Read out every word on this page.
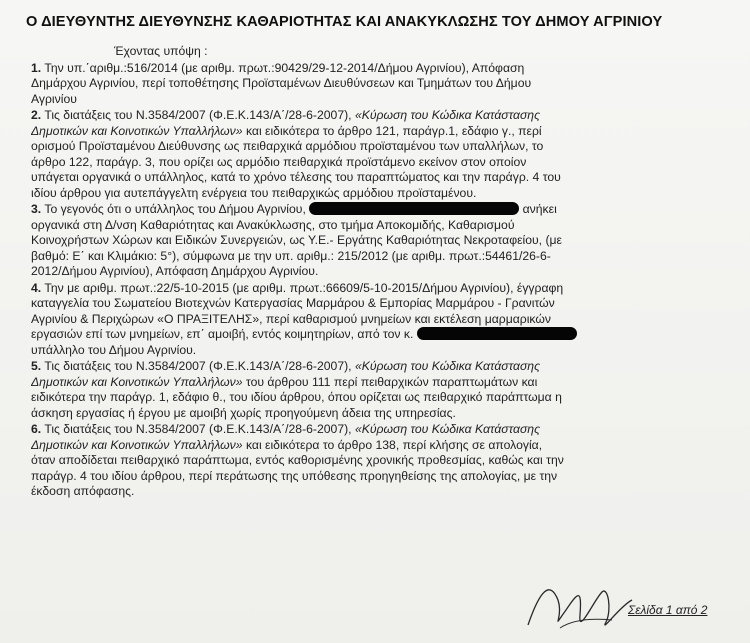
Ο ΔΙΕΥΘΥΝΤΗΣ ΔΙΕΥΘΥΝΣΗΣ ΚΑΘΑΡΙΟΤΗΤΑΣ ΚΑΙ ΑΝΑΚΥΚΛΩΣΗΣ ΤΟΥ ΔΗΜΟΥ ΑΓΡΙΝΙΟΥ
Έχοντας υπόψη :
1. Την υπ.΄αριθμ.:516/2014 (με αριθμ. πρωτ.:90429/29-12-2014/Δήμου Αγρινίου), Απόφαση
Δημάρχου Αγρινίου, περί τοποθέτησης Προϊσταμένων Διευθύνσεων και Τμημάτων του Δήμου
Αγρινίου
2. Τις διατάξεις του Ν.3584/2007 (Φ.Ε.Κ.143/Α΄/28-6-2007), «Κύρωση του Κώδικα Κατάστασης
Δημοτικών και Κοινοτικών Υπαλλήλων» και ειδικότερα το άρθρο 121, παράγρ.1, εδάφιο γ., περί
ορισμού Προϊσταμένου Διεύθυνσης ως πειθαρχικά αρμόδιου προϊσταμένου των υπαλλήλων, το
άρθρο 122, παράγρ. 3, που ορίζει ως αρμόδιο πειθαρχικά προϊστάμενο εκείνον στον οποίον
υπάγεται οργανικά ο υπάλληλος, κατά το χρόνο τέλεσης του παραπτώματος και την παράγρ. 4 του
ιδίου άρθρου για αυτεπάγγελτη ενέργεια του πειθαρχικώς αρμόδιου προϊσταμένου.
3. Το γεγονός ότι ο υπάλληλος του Δήμου Αγρινίου,	ανήκει
οργανικά στη Δ/νση Καθαριότητας και Ανακύκλωσης, στο τμήμα Αποκομιδής, Καθαρισμού
Κοινοχρήστων Χώρων και Ειδικών Συνεργειών, ως Υ.Ε.- Εργάτης Καθαριότητας Νεκροταφείου, (με
βαθμό: Ε΄ και Κλιμάκιο: 5°), σύμφωνα με την υπ. αριθμ.: 215/2012 (με αριθμ. πρωτ.:54461/26-6-
2012/Δήμου Αγρινίου), Απόφαση Δημάρχου Αγρινίου.
4. Την με αριθμ. πρωτ.:22/5-10-2015 (με αριθμ. πρωτ.:66609/5-10-2015/Δήμου Αγρινίου), έγγραφη
καταγγελία του Σωματείου Βιοτεχνών Κατεργασίας Μαρμάρου & Εμπορίας Μαρμάρου - Γρανιτών
Αγρινίου & Περιχώρων «Ο ΠΡΑΞΙΤΕΛΗΣ», περί καθαρισμού μνημείων και εκτέλεση μαρμαρικών
εργασιών επί των μνημείων, επ΄ αμοιβή, εντός κοιμητηρίων, από τον κ.
υπάλληλο του Δήμου Αγρινίου.
5. Τις διατάξεις του Ν.3584/2007 (Φ.Ε.Κ.143/Α΄/28-6-2007), «Κύρωση του Κώδικα Κατάστασης
Δημοτικών και Κοινοτικών Υπαλλήλων» του άρθρου 111 περί πειθαρχικών παραπτωμάτων και
ειδικότερα την παράγρ. 1, εδάφιο θ., του ιδίου άρθρου, όπου ορίζεται ως πειθαρχικό παράπτωμα η
άσκηση εργασίας ή έργου με αμοιβή χωρίς προηγούμενη άδεια της υπηρεσίας.
6. Τις διατάξεις του Ν.3584/2007 (Φ.Ε.Κ.143/Α΄/28-6-2007), «Κύρωση του Κώδικα Κατάστασης
Δημοτικών και Κοινοτικών Υπαλλήλων» και ειδικότερα το άρθρο 138, περί κλήσης σε απολογία,
όταν αποδίδεται πειθαρχικό παράπτωμα, εντός καθορισμένης χρονικής προθεσμίας, καθώς και την
παράγρ. 4 του ιδίου άρθρου, περί περάτωσης της υπόθεσης προηγηθείσης της απολογίας, με την
έκδοση απόφασης.
Σελίδα 1 από 2
